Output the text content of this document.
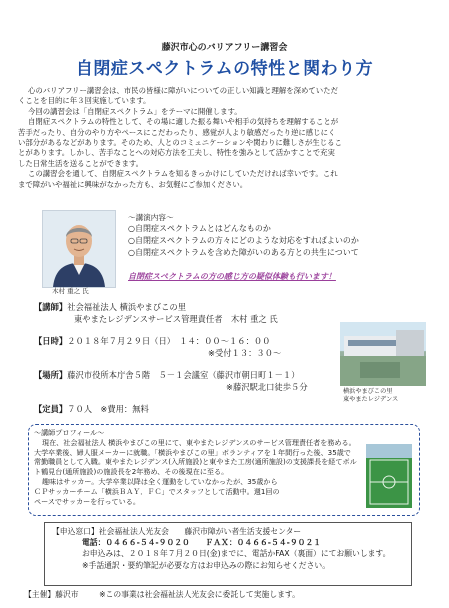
藤沢市心のバリアフリー講習会
自閉症スペクトラムの特性と関わり方

心のバリアフリー講習会は、市民の皆様に障がいについての正しい知識と理解を深めていただ

くことを目的に年３回実施しています。

今回の講習会は「自閉症スペクトラム」をテーマに開催します。

自閉症スペクトラムの特性として、その場に適した振る舞いや相手の気持ちを理解することが

苦手だったり、自分のやり方やペースにこだわったり、感覚が人より敏感だったり逆に感じにく

い部分があるなどがあります。そのため、人とのコミュニケーションや関わりに難しさが生じるこ

とがあります。しかし、苦手なことへの対応方法を工夫し、特性を強みとして活かすことで充実

した日常生活を送ることができます。

この講習会を通して、自閉症スペクトラムを知るきっかけにしていただければ幸いです。これ

まで障がいや福祉に興味がなかった方も、お気軽にご参加ください。

木村 重之 氏
～講演内容～
○自閉症スペクトラムとはどんなものか
○自閉症スペクトラムの方々にどのような対応をすればよいのか
○自閉症スペクトラムを含めた障がいのある方との共生について
自閉症スペクトラムの方の感じ方の疑似体験も行います！
【講師】社会福祉法人 横浜やまびこの里
東やまたレジデンスサービス管理責任者　木村 重之 氏
【日時】２０１８年７月２９日（日）　１４：００～１６：００
※受付１３：３０～
【場所】藤沢市役所本庁舎５階　５－１会議室（藤沢市朝日町１－１）
※藤沢駅北口徒歩５分
【定員】７０人　※費用：無料
横浜やまびこの里
東やまたレジデンス

～講師プロフィール～

現在、社会福祉法人 横浜やまびこの里にて、東やまたレジデンスのサービス管理責任者を務める。

大学卒業後、婦人服メーカーに就職。「横浜やまびこの里」ボランティアを１年間行った後、35歳で

常勤職員として入職。東やまたレジデンス(入所施設)と東やまた工房(通所施設)の支援課長を経てボル

ト鶴見台(通所施設)の施設長を2年務め、その後現在に至る。

趣味はサッカー。大学卒業以降は全く運動をしていなかったが、35歳から

ＣＰサッカーチーム「横浜ＢＡＹ．ＦＣ」でスタッフとして活動中。週1回の

ペースでサッカーを行っている。

【申込窓口】社会福祉法人光友会　　藤沢市障がい者生活支援センター

電話：０４６６-５４-９０２０　　ＦＡＸ：０４６６-５４-９０２１

お申込みは、２０１８年７月２０日(金)までに、電話かFAX（裏面）にてお願いします。

※手話通訳・要約筆記が必要な方はお申込みの際にお知らせください。

【主催】藤沢市	※この事業は社会福祉法人光友会に委託して実施します。
